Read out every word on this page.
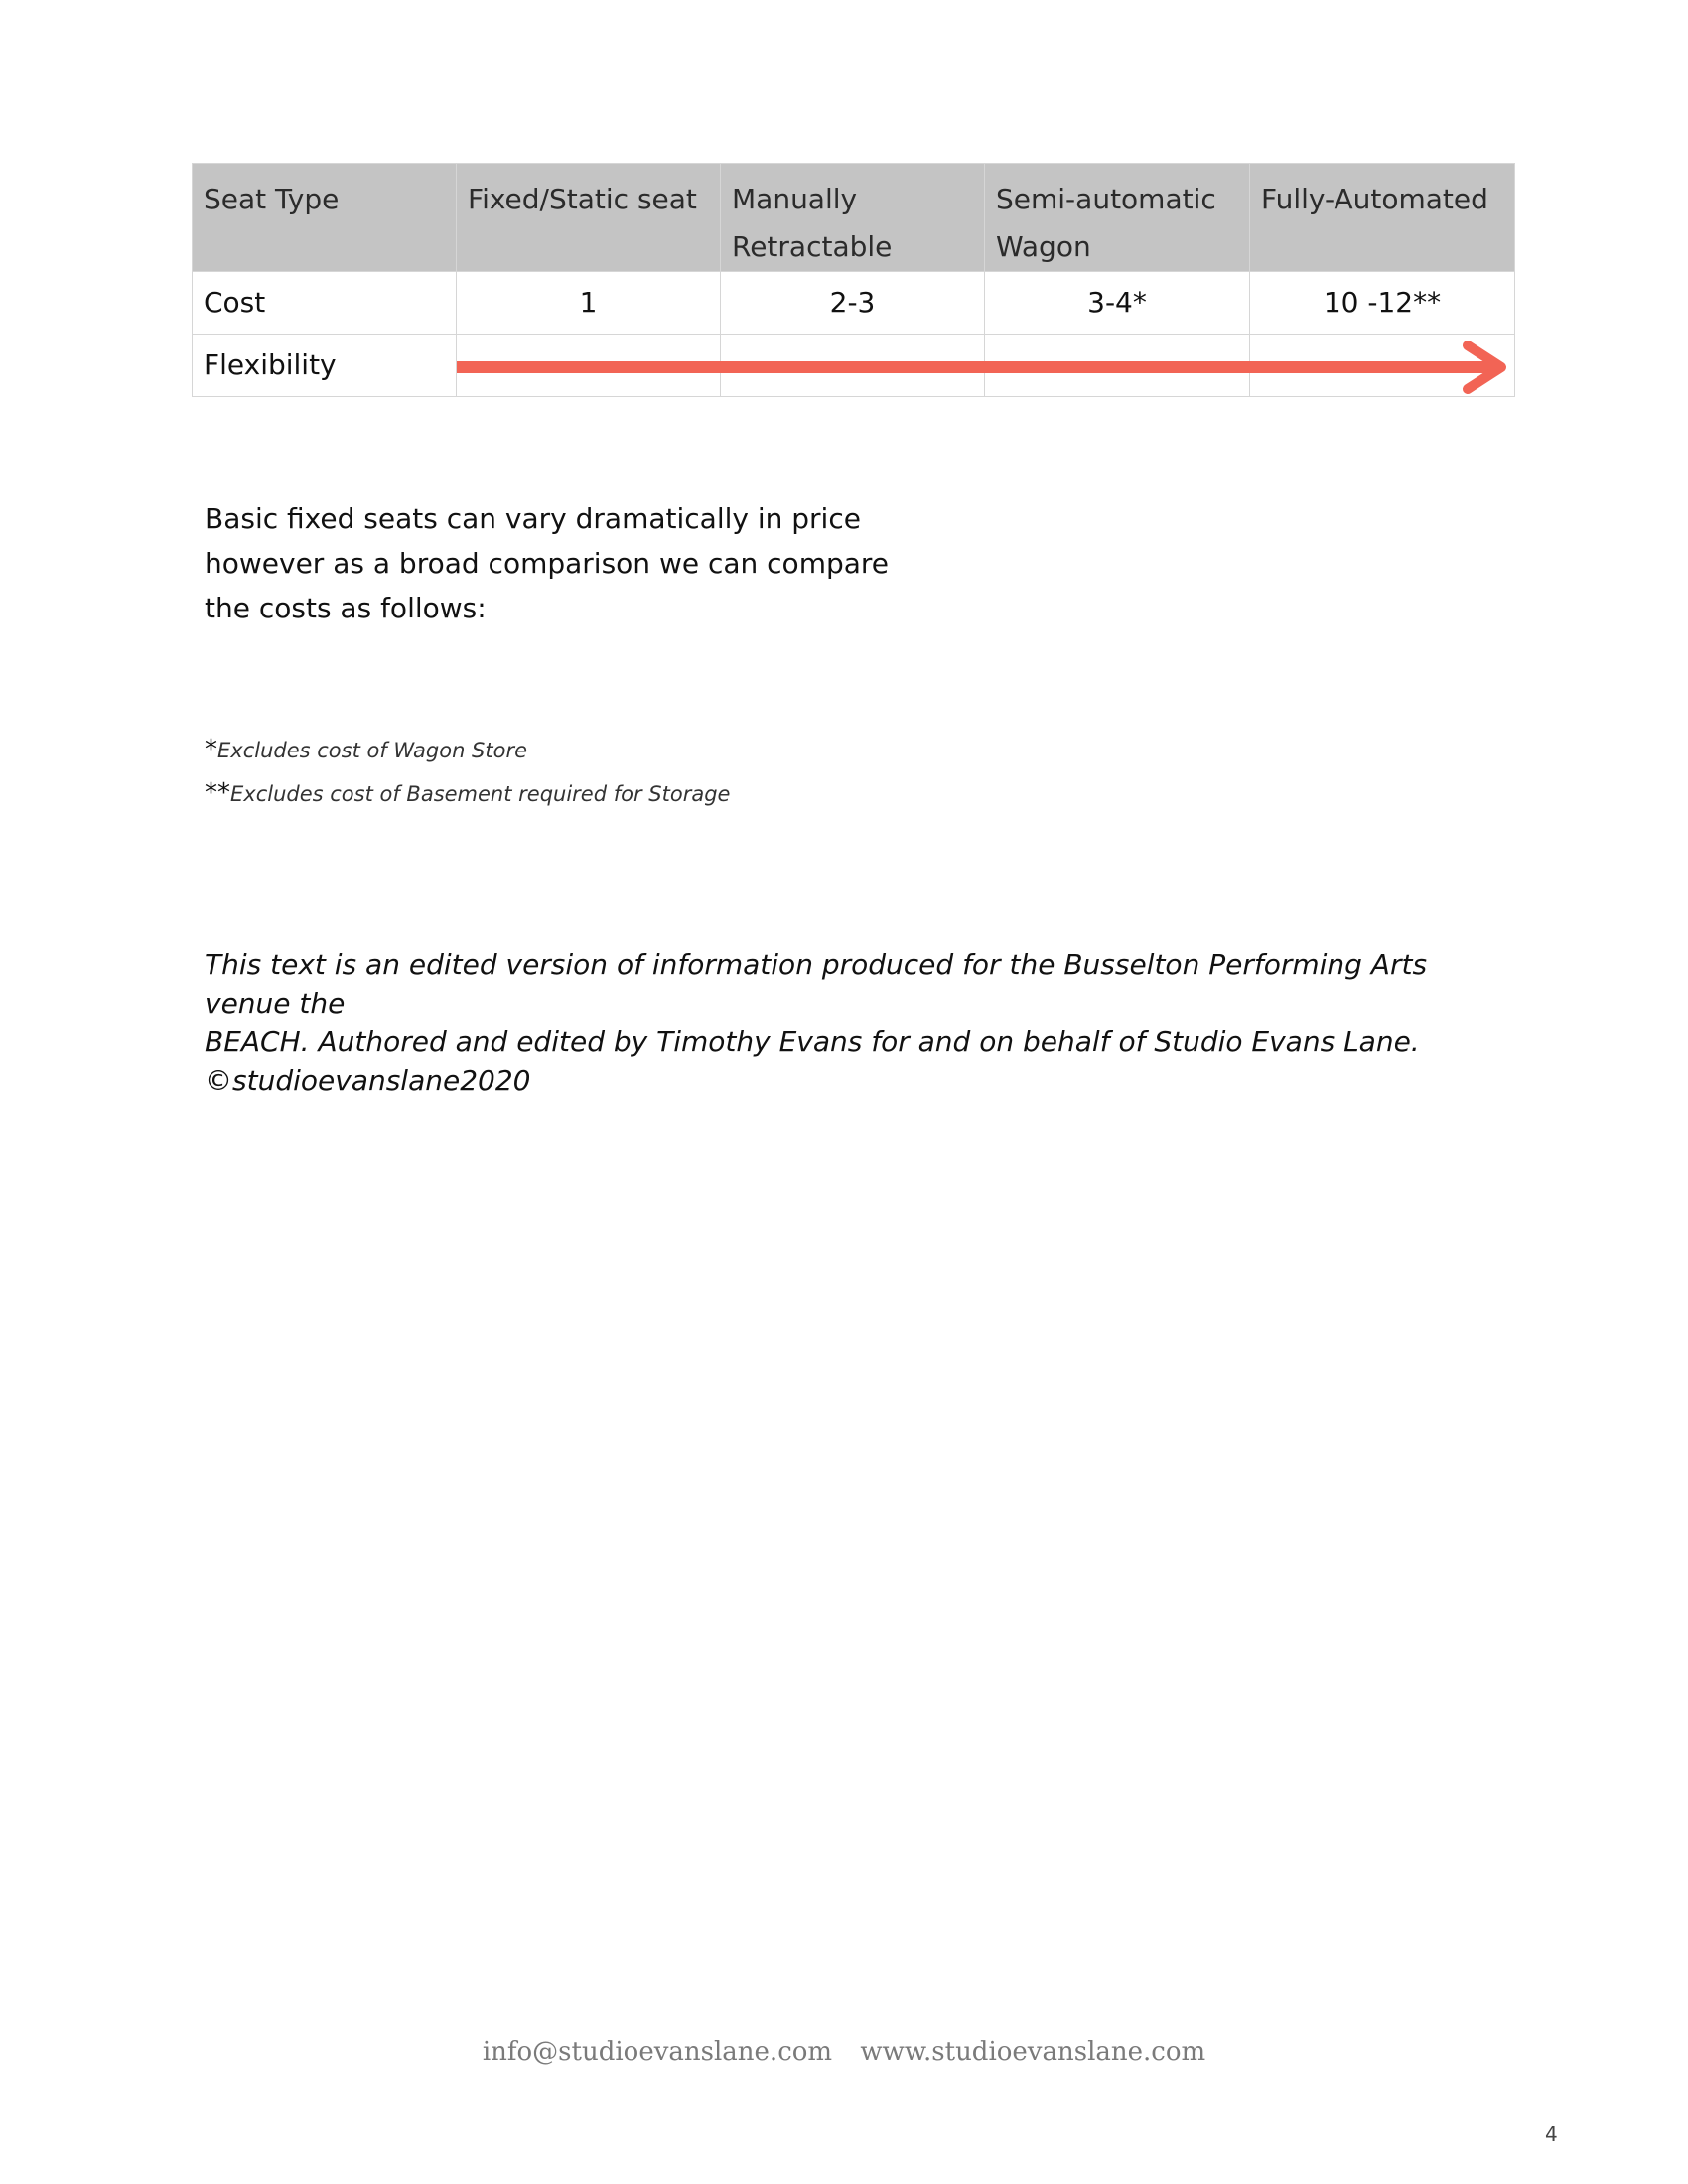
Seat Type	Fixed/Static seat	Manually Retractable	Semi-automatic Wagon	Fully-Automated
Cost	1	2-3	3-4*	10 -12**
Flexibility				

Basic fixed seats can vary dramatically in price however as a broad comparison we can compare the costs as follows:

*Excludes cost of Wagon Store

**Excludes cost of Basement required for Storage

This text is an edited version of information produced for the Busselton Performing Arts venue the
BEACH. Authored and edited by Timothy Evans for and on behalf of Studio Evans Lane.
©studioevanslane2020

info@studioevanslane.com www.studioevanslane.com
4
